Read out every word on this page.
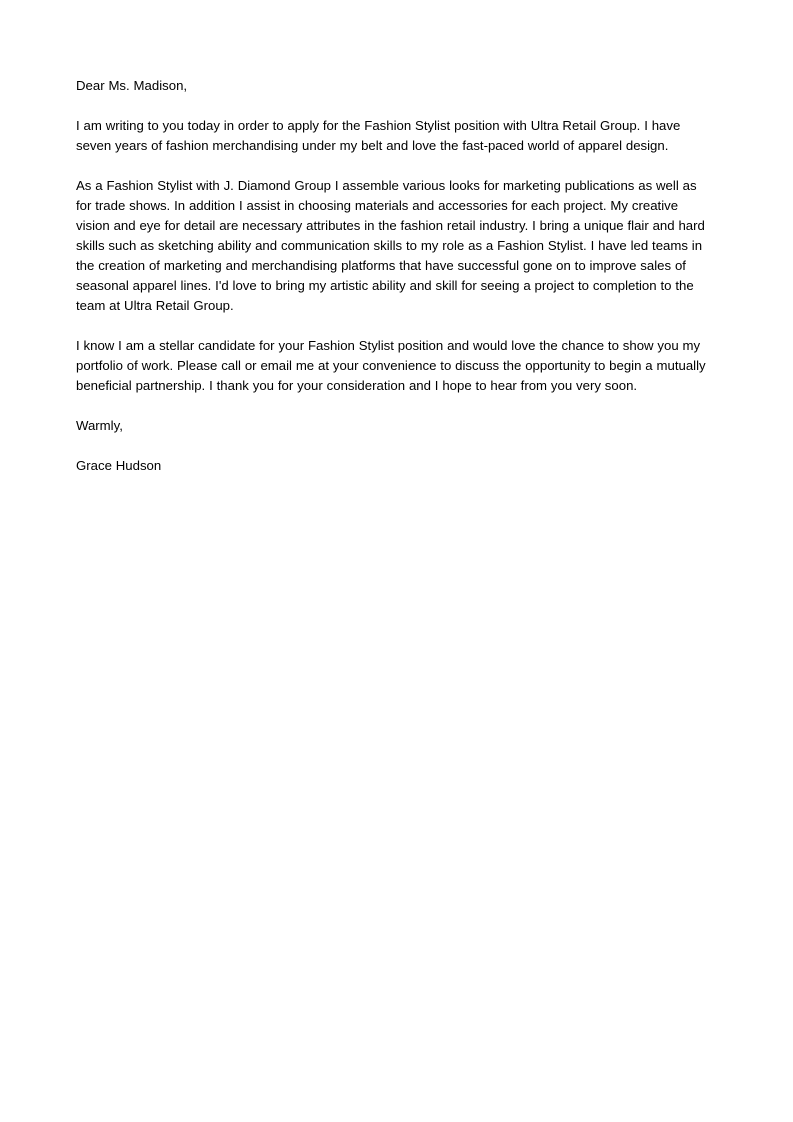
Dear Ms. Madison,

I am writing to you today in order to apply for the Fashion Stylist position with Ultra Retail Group. I have
seven years of fashion merchandising under my belt and love the fast-paced world of apparel design.

As a Fashion Stylist with J. Diamond Group I assemble various looks for marketing publications as well as
for trade shows. In addition I assist in choosing materials and accessories for each project. My creative
vision and eye for detail are necessary attributes in the fashion retail industry. I bring a unique flair and hard
skills such as sketching ability and communication skills to my role as a Fashion Stylist. I have led teams in
the creation of marketing and merchandising platforms that have successful gone on to improve sales of
seasonal apparel lines. I'd love to bring my artistic ability and skill for seeing a project to completion to the
team at Ultra Retail Group.

I know I am a stellar candidate for your Fashion Stylist position and would love the chance to show you my
portfolio of work. Please call or email me at your convenience to discuss the opportunity to begin a mutually
beneficial partnership. I thank you for your consideration and I hope to hear from you very soon.

Warmly,

Grace Hudson
